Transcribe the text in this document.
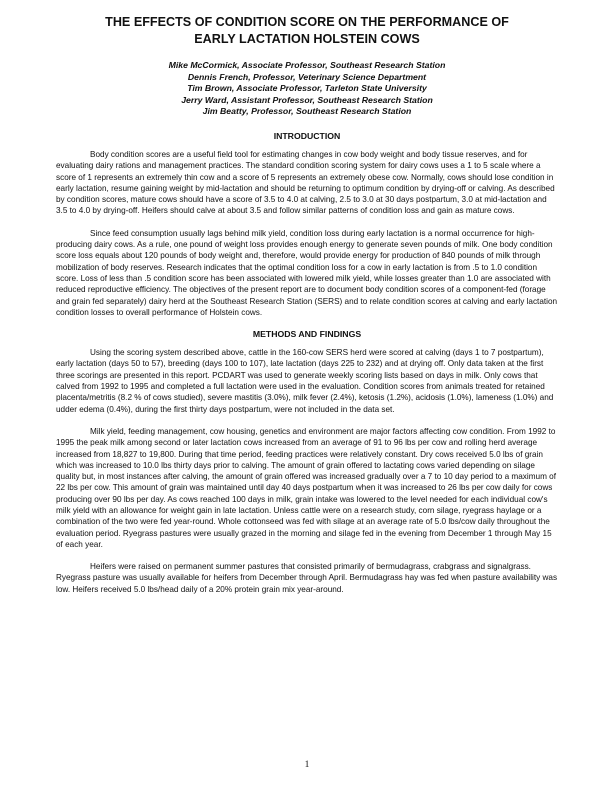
THE EFFECTS OF CONDITION SCORE ON THE PERFORMANCE OF
EARLY LACTATION HOLSTEIN COWS
Mike McCormick, Associate Professor, Southeast Research Station
Dennis French, Professor, Veterinary Science Department
Tim Brown, Associate Professor, Tarleton State University
Jerry Ward, Assistant Professor, Southeast Research Station
Jim Beatty, Professor, Southeast Research Station
INTRODUCTION

Body condition scores are a useful field tool for estimating changes in cow body weight and body tissue reserves, and for evaluating dairy rations and management practices. The standard condition scoring system for dairy cows uses a 1 to 5 scale where a score of 1 represents an extremely thin cow and a score of 5 represents an extremely obese cow. Normally, cows should lose condition in early lactation, resume gaining weight by mid-lactation and should be returning to optimum condition by drying-off or calving. As described by condition scores, mature cows should have a score of 3.5 to 4.0 at calving, 2.5 to 3.0 at 30 days postpartum, 3.0 at mid-lactation and 3.5 to 4.0 by drying-off. Heifers should calve at about 3.5 and follow similar patterns of condition loss and gain as mature cows.

Since feed consumption usually lags behind milk yield, condition loss during early lactation is a normal occurrence for high-producing dairy cows. As a rule, one pound of weight loss provides enough energy to generate seven pounds of milk. One body condition score loss equals about 120 pounds of body weight and, therefore, would provide energy for production of 840 pounds of milk through mobilization of body reserves. Research indicates that the optimal condition loss for a cow in early lactation is from .5 to 1.0 condition score. Loss of less than .5 condition score has been associated with lowered milk yield, while losses greater than 1.0 are associated with reduced reproductive efficiency. The objectives of the present report are to document body condition scores of a component-fed (forage and grain fed separately) dairy herd at the Southeast Research Station (SERS) and to relate condition scores at calving and early lactation condition losses to overall performance of Holstein cows.

METHODS AND FINDINGS

Using the scoring system described above, cattle in the 160-cow SERS herd were scored at calving (days 1 to 7 postpartum), early lactation (days 50 to 57), breeding (days 100 to 107), late lactation (days 225 to 232) and at drying off. Only data taken at the first three scorings are presented in this report. PCDART was used to generate weekly scoring lists based on days in milk. Only cows that calved from 1992 to 1995 and completed a full lactation were used in the evaluation. Condition scores from animals treated for retained placenta/metritis (8.2 % of cows studied), severe mastitis (3.0%), milk fever (2.4%), ketosis (1.2%), acidosis (1.0%), lameness (1.0%) and udder edema (0.4%), during the first thirty days postpartum, were not included in the data set.

Milk yield, feeding management, cow housing, genetics and environment are major factors affecting cow condition. From 1992 to 1995 the peak milk among second or later lactation cows increased from an average of 91 to 96 lbs per cow and rolling herd average increased from 18,827 to 19,800. During that time period, feeding practices were relatively constant. Dry cows received 5.0 lbs of grain which was increased to 10.0 lbs thirty days prior to calving. The amount of grain offered to lactating cows varied depending on silage quality but, in most instances after calving, the amount of grain offered was increased gradually over a 7 to 10 day period to a maximum of 22 lbs per cow. This amount of grain was maintained until day 40 days postpartum when it was increased to 26 lbs per cow daily for cows producing over 90 lbs per day. As cows reached 100 days in milk, grain intake was lowered to the level needed for each individual cow's milk yield with an allowance for weight gain in late lactation. Unless cattle were on a research study, corn silage, ryegrass haylage or a combination of the two were fed year-round. Whole cottonseed was fed with silage at an average rate of 5.0 lbs/cow daily throughout the evaluation period. Ryegrass pastures were usually grazed in the morning and silage fed in the evening from December 1 through May 15 of each year.

Heifers were raised on permanent summer pastures that consisted primarily of bermudagrass, crabgrass and signalgrass. Ryegrass pasture was usually available for heifers from December through April. Bermudagrass hay was fed when pasture availability was low. Heifers received 5.0 lbs/head daily of a 20% protein grain mix year-around.

1
